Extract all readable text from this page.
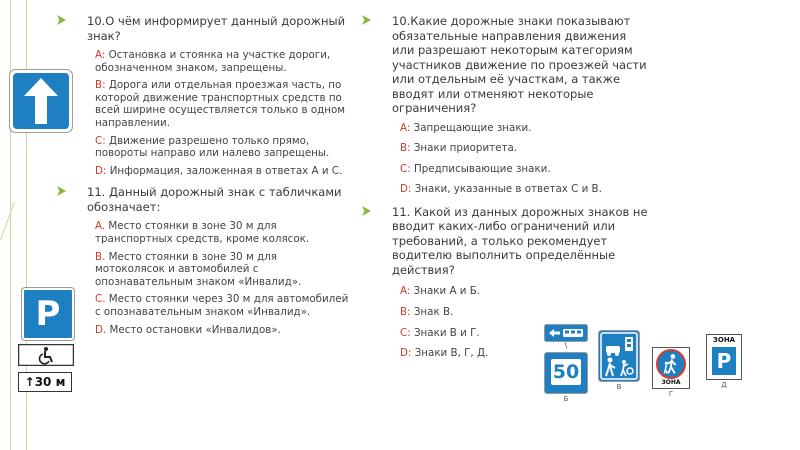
10.О чём информирует данный дорожный знак?

A: Остановка и стоянка на участке дороги, обозначенном знаком, запрещены.

B: Дорога или отдельная проезжая часть, по которой движение транспортных средств по всей ширине осуществляется только в одном направлении.

C: Движение разрешено только прямо, повороты направо или налево запрещены.

D: Информация, заложенная в ответах А и С.

11. Данный дорожный знак с табличками обозначает:

A. Место стоянки в зоне 30 м для транспортных средств, кроме колясок.

B. Место стоянки в зоне 30 м для мотоколясок и автомобилей с опознавательным знаком «Инвалид».

C. Место стоянки через 30 м для автомобилей с опознавательным знаком «Инвалид».

D. Место остановки «Инвалидов».

P
↑30 м

10.Какие дорожные знаки показывают обязательные направления движения или разрешают некоторым категориям участников движение по проезжей части или отдельным её участкам, а также вводят или отменяют некоторые ограничения?

A: Запрещающие знаки.

B: Знаки приоритета.

C: Предписывающие знаки.

D: Знаки, указанные в ответах С и В.

11. Какой из данных дорожных знаков не вводит каких-либо ограничений или требований, а только рекомендует водителю выполнить определённые действия?

A: Знаки А и Б.

B: Знак В.

C: Знаки В и Г.

D: Знаки В, Г, Д.

\
50
Б
В
ЗОНА
Г
ЗОНА
P
Д
